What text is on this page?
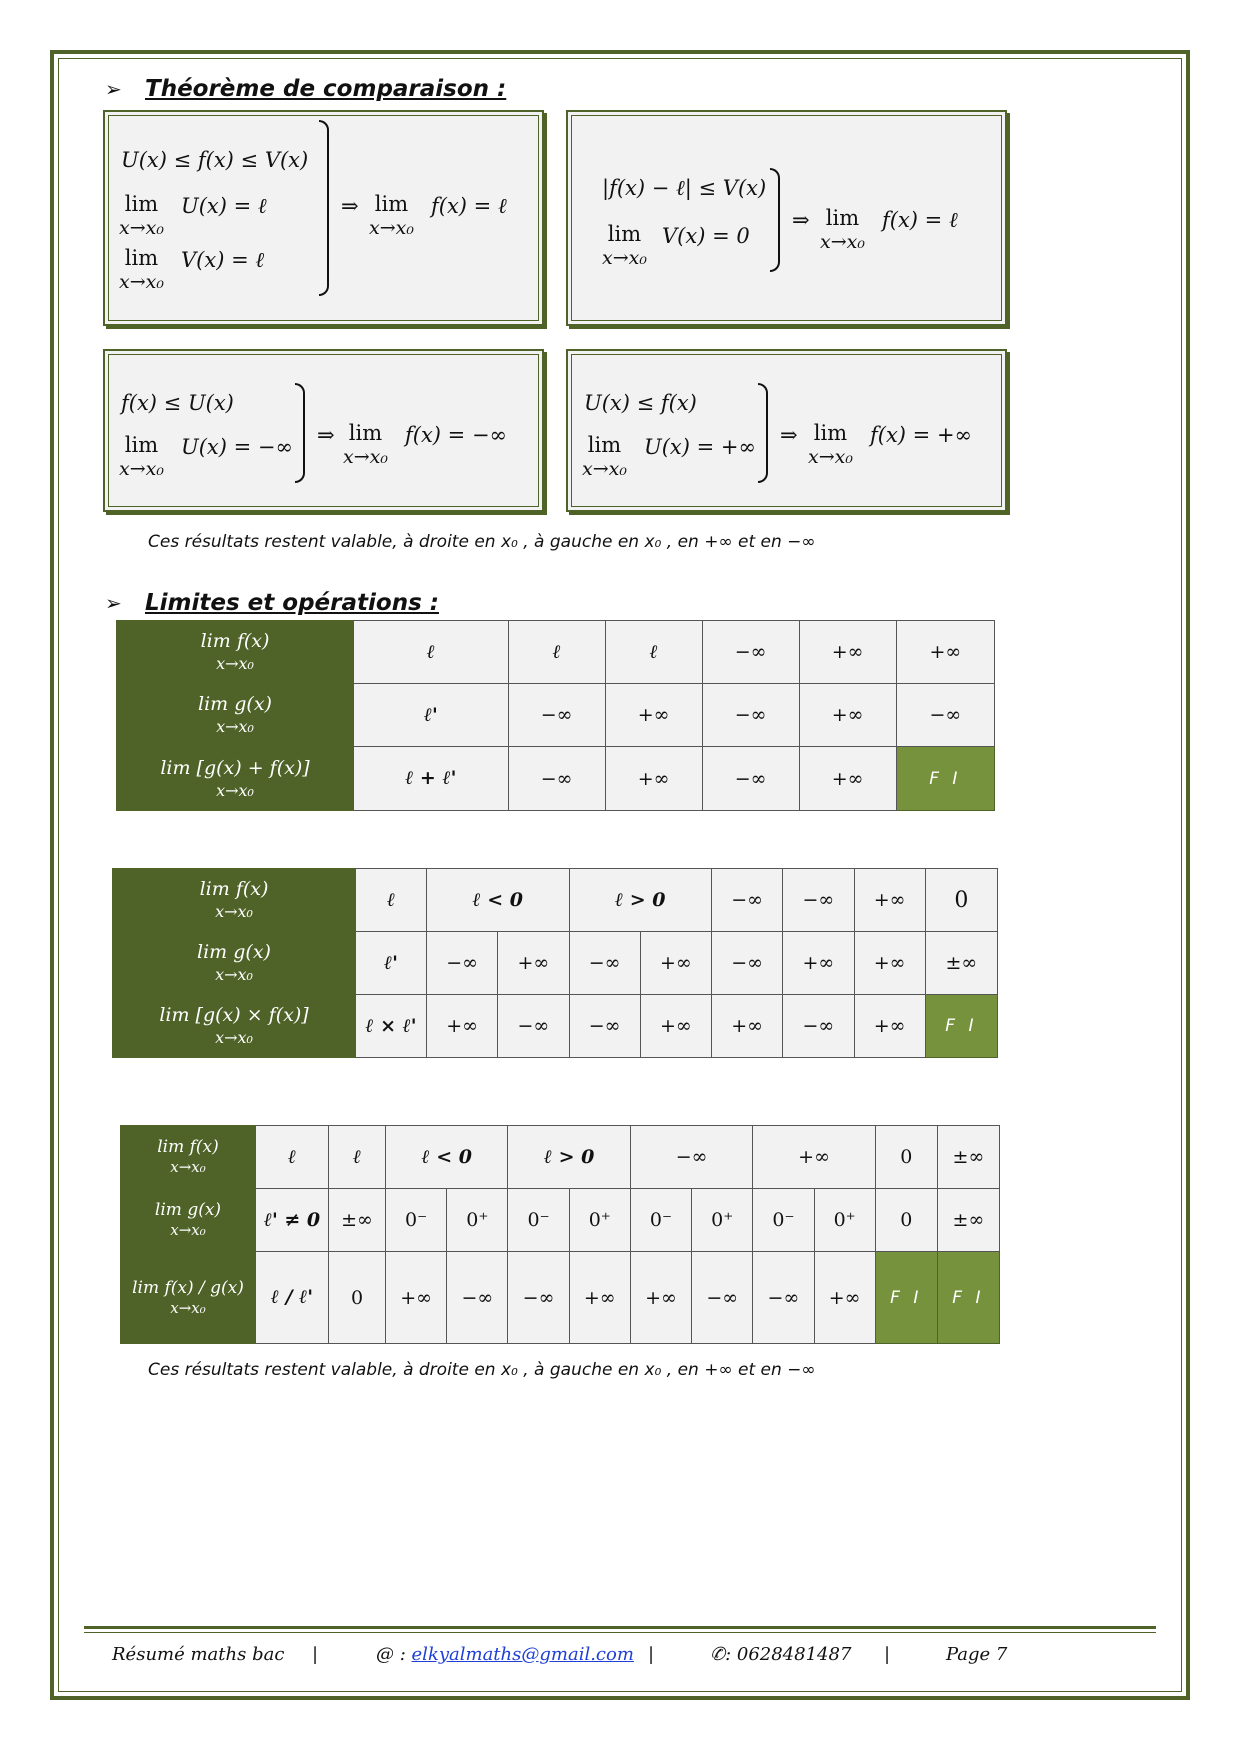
➢ Théorème de comparaison :
U(x) ≤ f(x) ≤ V(x)
lim
x→x₀
U(x) = ℓ
lim
x→x₀
V(x) = ℓ
⇒ lim
x→x₀
f(x) = ℓ
|f(x) − ℓ| ≤ V(x)
lim
x→x₀
V(x) = 0
⇒ lim
x→x₀
f(x) = ℓ
f(x) ≤ U(x)
lim
x→x₀
U(x) = −∞ ⇒ lim
x→x₀
f(x) = −∞
U(x) ≤ f(x)
lim
x→x₀
U(x) = +∞ ⇒ lim
x→x₀
f(x) = +∞
Ces résultats restent valable, à droite en x₀ , à gauche en x₀ , en +∞ et en −∞
➢ Limites et opérations :
lim f(x)
x→x₀	ℓ	ℓ	ℓ	−∞	+∞	+∞
lim g(x)
x→x₀	ℓ'	−∞	+∞	−∞	+∞	−∞
lim [g(x) + f(x)]
x→x₀	ℓ + ℓ'	−∞	+∞	−∞	+∞	F I
lim f(x)
x→x₀	ℓ	ℓ < 0		ℓ > 0		−∞	−∞	+∞	0
lim g(x)
x→x₀	ℓ'	−∞	+∞	−∞	+∞	−∞	+∞	+∞	±∞
lim [g(x) × f(x)]
x→x₀	ℓ × ℓ'	+∞	−∞	−∞	+∞	+∞	−∞	+∞	F I
lim f(x)
x→x₀	ℓ	ℓ	ℓ < 0		ℓ > 0		−∞		+∞		0	±∞
lim g(x)
x→x₀	ℓ' ≠ 0	±∞	0⁻	0⁺	0⁻	0⁺	0⁻	0⁺	0⁻	0⁺	0	±∞
lim f(x) / g(x)
x→x₀	ℓ / ℓ'	0	+∞	−∞	−∞	+∞	+∞	−∞	−∞	+∞	F I	F I
Ces résultats restent valable, à droite en x₀ , à gauche en x₀ , en +∞ et en −∞
Résumé maths bac |	@ : elkyalmaths@gmail.com |	✆: 0628481487 |	Page 7
